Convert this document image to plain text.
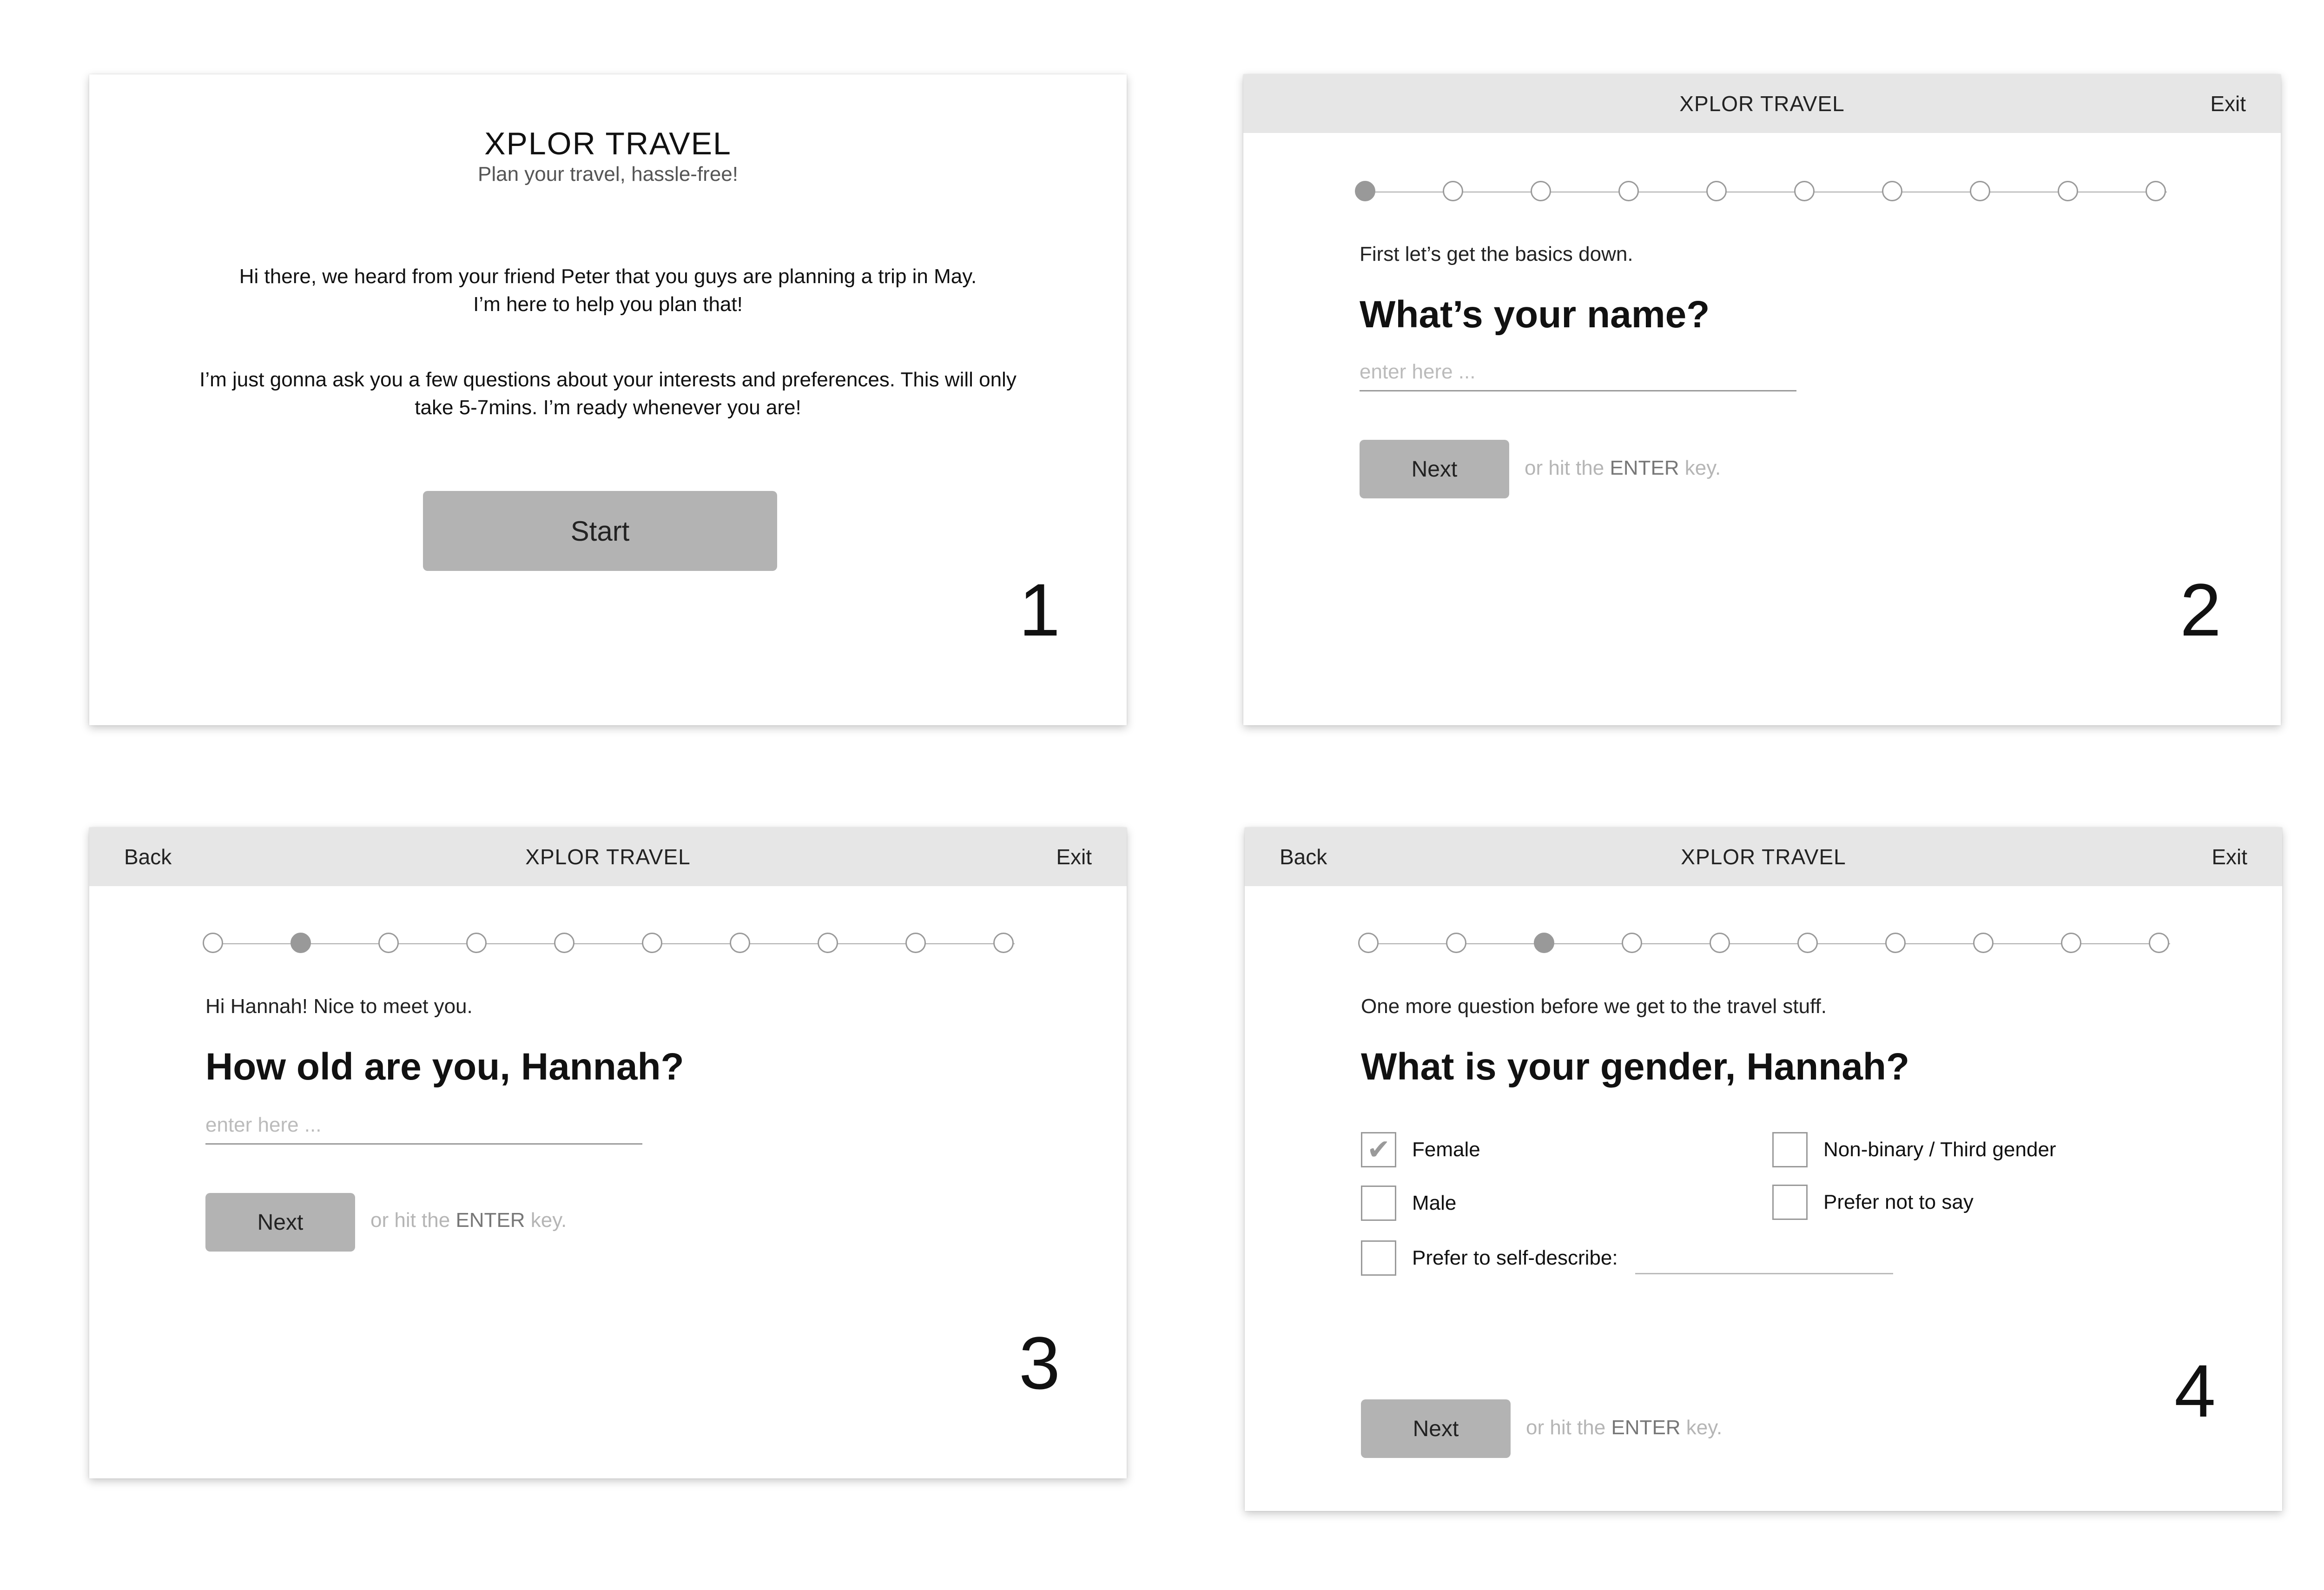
XPLOR TRAVEL
Plan your travel, hassle-free!
Hi there, we heard from your friend Peter that you guys are planning a trip in May.
I’m here to help you plan that!
I’m just gonna ask you a few questions about your interests and preferences. This will only
take 5-7mins. I’m ready whenever you are!
Start
1
XPLOR TRAVEL	Exit
First let’s get the basics down.
What’s your name?
enter here ...
Next	or hit the ENTER key.
2
Back	XPLOR TRAVEL	Exit
Hi Hannah! Nice to meet you.
How old are you, Hannah?
enter here ...
Next	or hit the ENTER key.
3
Back	XPLOR TRAVEL	Exit
One more question before we get to the travel stuff.
What is your gender, Hannah?
✔ Female
Male
Prefer to self-describe:
Non-binary / Third gender
Prefer not to say
Next	or hit the ENTER key.	4
